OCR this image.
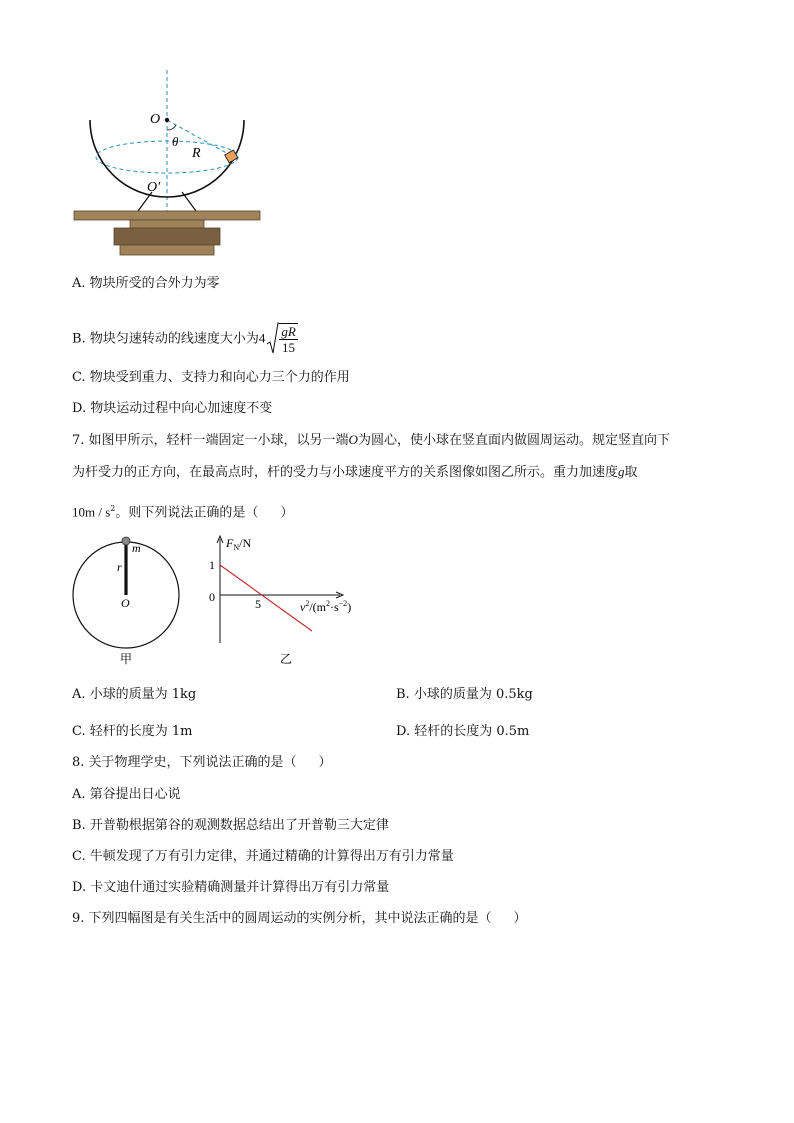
O
θ
R
O′
A. 物块所受的合外力为零
B. 物块匀速转动的线速度大小为$4 \frac{gR}{15}$
C. 物块受到重力、支持力和向心力三个力的作用
D. 物块运动过程中向心加速度不变
7. 如图甲所示，轻杆一端固定一小球，以另一端O为圆心，使小球在竖直面内做圆周运动。规定竖直向下
为杆受力的正方向，在最高点时，杆的受力与小球速度平方的关系图像如图乙所示。重力加速度g取
$10m / s^2$。则下列说法正确的是（ ）
m
r
O
甲
$F_N/N$
1
0	5	$v^2/(m^2\cdot s^{-2})$
乙
A. 小球的质量为 1kg	B. 小球的质量为 0.5kg
C. 轻杆的长度为 1m	D. 轻杆的长度为 0.5m
8. 关于物理学史，下列说法正确的是（ ）
A. 第谷提出日心说
B. 开普勒根据第谷的观测数据总结出了开普勒三大定律
C. 牛顿发现了万有引力定律，并通过精确的计算得出万有引力常量
D. 卡文迪什通过实验精确测量并计算得出万有引力常量
9. 下列四幅图是有关生活中的圆周运动的实例分析，其中说法正确的是（ ）
